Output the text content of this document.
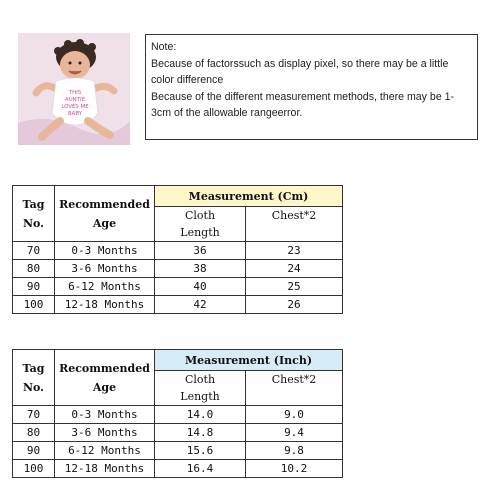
THIS
AUNTIE
LOVES ME
BABY
Note:
Because of factorssuch as display pixel, so there may be a little color difference
Because of the different measurement methods, there may be 1-3cm of the allowable rangeerror.
Tag No.	Recommended Age	Measurement (Cm)	

		Cloth Length	Chest*2
70	0-3 Months	36	23
80	3-6 Months	38	24
90	6-12 Months	40	25
100	12-18 Months	42	26
Tag No.	Recommended Age	Measurement (Inch)	

		Cloth Length	Chest*2
70	0-3 Months	14.0	9.0
80	3-6 Months	14.8	9.4
90	6-12 Months	15.6	9.8
100	12-18 Months	16.4	10.2
